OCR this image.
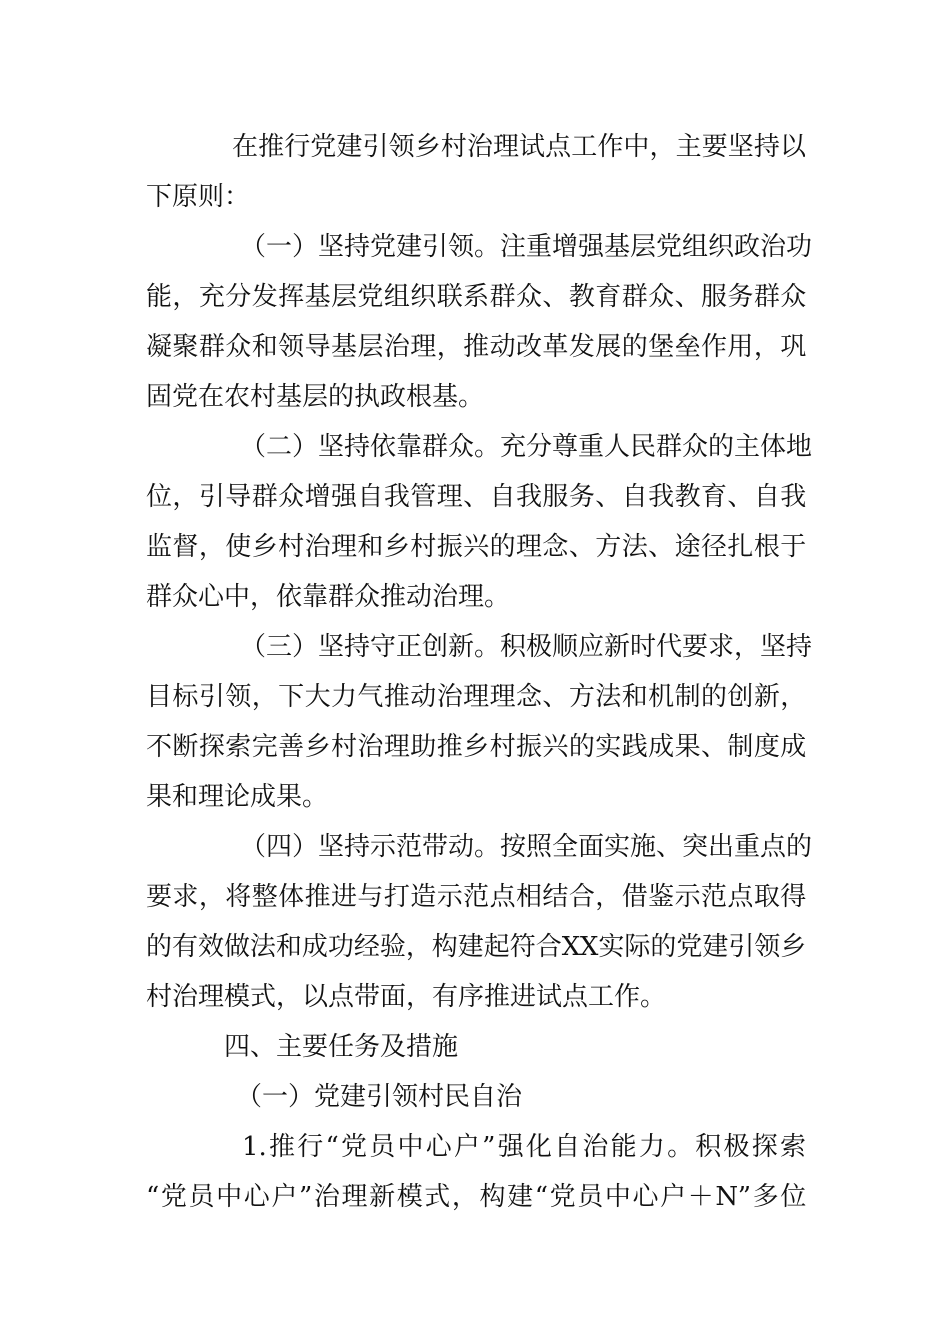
在推行党建引领乡村治理试点工作中，主要坚持以
下原则：
（一）坚持党建引领。注重增强基层党组织政治功
能，充分发挥基层党组织联系群众、教育群众、服务群众
凝聚群众和领导基层治理，推动改革发展的堡垒作用，巩
固党在农村基层的执政根基。
（二）坚持依靠群众。充分尊重人民群众的主体地
位，引导群众增强自我管理、自我服务、自我教育、自我
监督，使乡村治理和乡村振兴的理念、方法、途径扎根于
群众心中，依靠群众推动治理。
（三）坚持守正创新。积极顺应新时代要求，坚持
目标引领，下大力气推动治理理念、方法和机制的创新，
不断探索完善乡村治理助推乡村振兴的实践成果、制度成
果和理论成果。
（四）坚持示范带动。按照全面实施、突出重点的
要求，将整体推进与打造示范点相结合，借鉴示范点取得
的有效做法和成功经验，构建起符合XX实际的党建引领乡
村治理模式，以点带面，有序推进试点工作。
四、主要任务及措施
（一）党建引领村民自治
1.推行“党员中心户”强化自治能力。积极探索
“党员中心户”治理新模式，构建“党员中心户＋N”多位
